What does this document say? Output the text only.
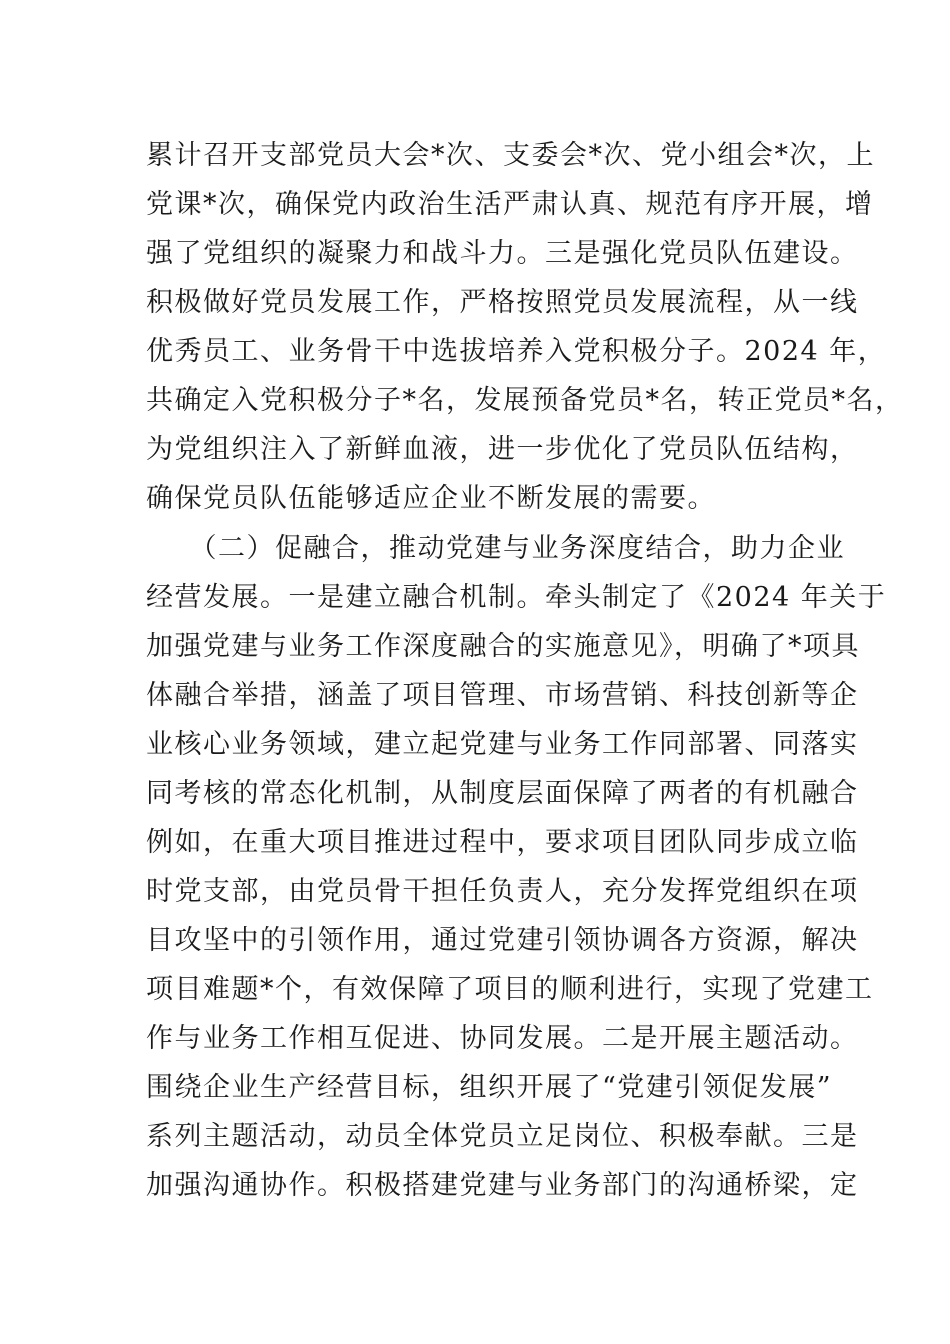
累计召开支部党员大会*次、支委会*次、党小组会*次，上
党课*次，确保党内政治生活严肃认真、规范有序开展，增
强了党组织的凝聚力和战斗力。三是强化党员队伍建设。
积极做好党员发展工作，严格按照党员发展流程，从一线
优秀员工、业务骨干中选拔培养入党积极分子。2024 年，
共确定入党积极分子*名，发展预备党员*名，转正党员*名，
为党组织注入了新鲜血液，进一步优化了党员队伍结构，
确保党员队伍能够适应企业不断发展的需要。
　　（二）促融合，推动党建与业务深度结合，助力企业
经营发展。一是建立融合机制。牵头制定了《2024 年关于
加强党建与业务工作深度融合的实施意见》，明确了*项具
体融合举措，涵盖了项目管理、市场营销、科技创新等企
业核心业务领域，建立起党建与业务工作同部署、同落实
同考核的常态化机制，从制度层面保障了两者的有机融合
例如，在重大项目推进过程中，要求项目团队同步成立临
时党支部，由党员骨干担任负责人，充分发挥党组织在项
目攻坚中的引领作用，通过党建引领协调各方资源，解决
项目难题*个，有效保障了项目的顺利进行，实现了党建工
作与业务工作相互促进、协同发展。二是开展主题活动。
围绕企业生产经营目标，组织开展了“党建引领促发展”
系列主题活动，动员全体党员立足岗位、积极奉献。三是
加强沟通协作。积极搭建党建与业务部门的沟通桥梁，定
